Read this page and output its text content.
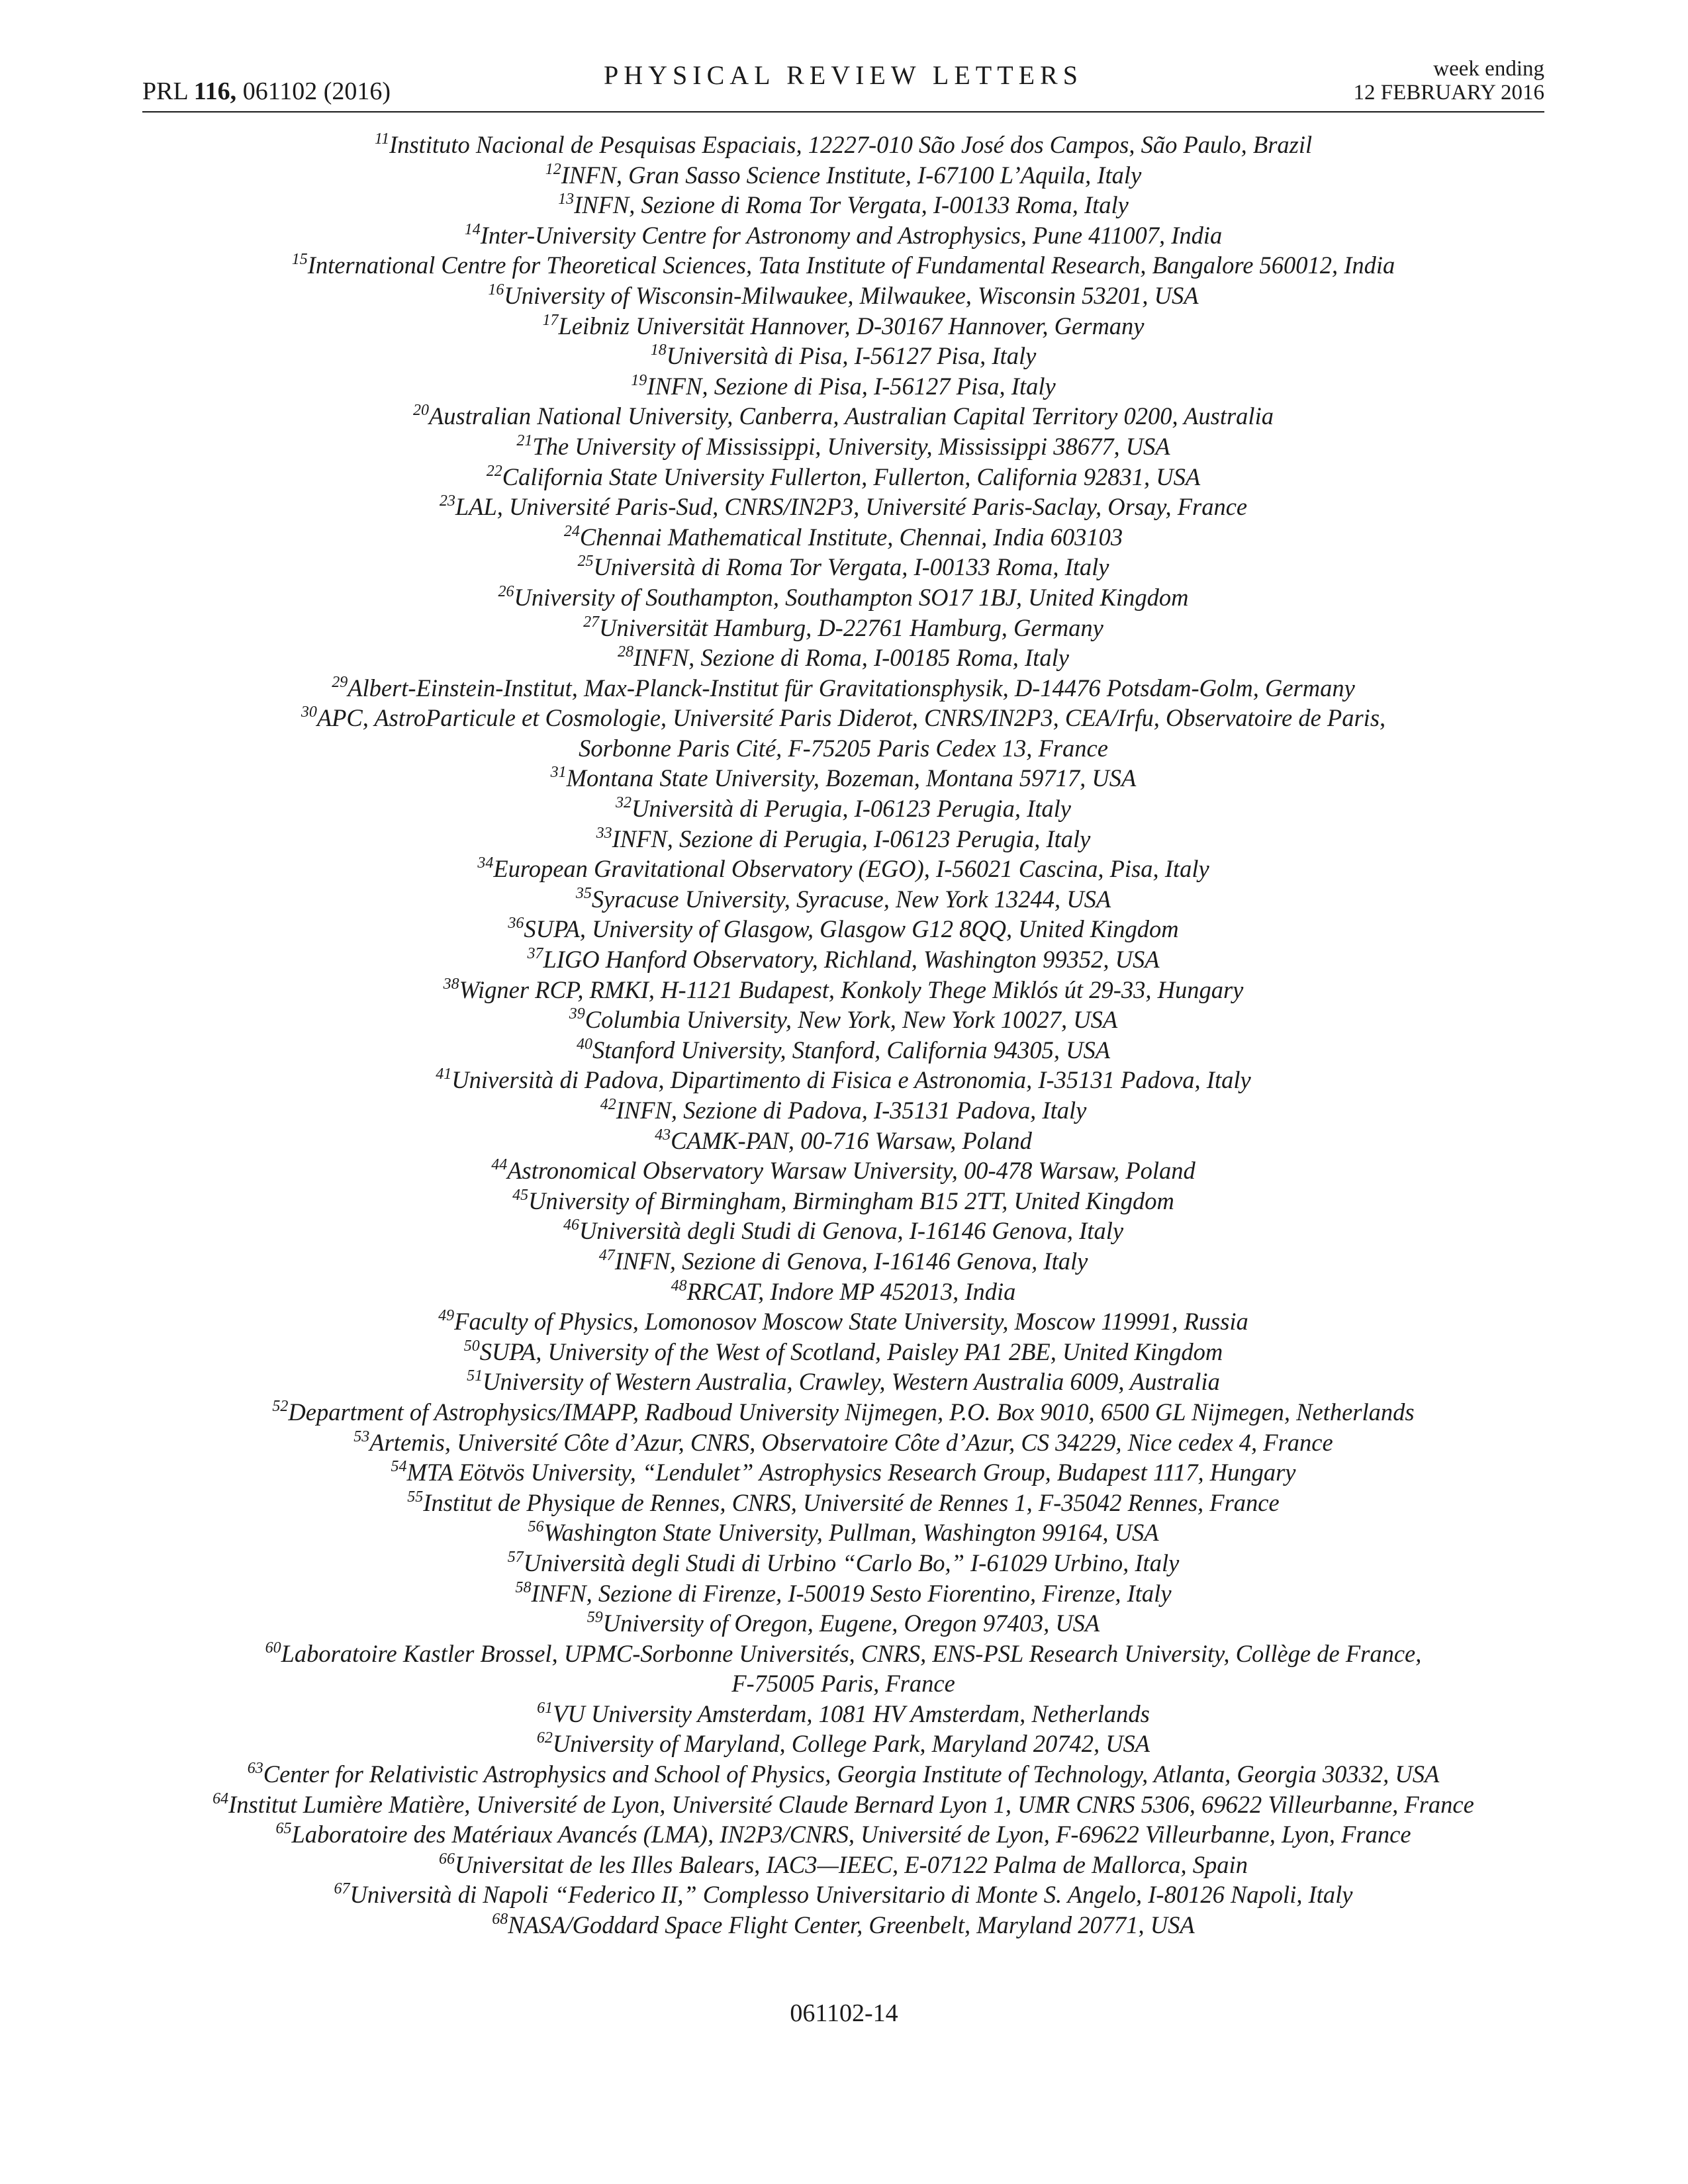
PRL 116, 061102 (2016)
PHYSICAL REVIEW LETTERS	week ending
12 FEBRUARY 2016
$^{11}$Instituto Nacional de Pesquisas Espaciais, 12227-010 São José dos Campos, São Paulo, Brazil
$^{12}$INFN, Gran Sasso Science Institute, I-67100 L’Aquila, Italy
$^{13}$INFN, Sezione di Roma Tor Vergata, I-00133 Roma, Italy
$^{14}$Inter-University Centre for Astronomy and Astrophysics, Pune 411007, India
$^{15}$International Centre for Theoretical Sciences, Tata Institute of Fundamental Research, Bangalore 560012, India
$^{16}$University of Wisconsin-Milwaukee, Milwaukee, Wisconsin 53201, USA
$^{17}$Leibniz Universität Hannover, D-30167 Hannover, Germany
$^{18}$Università di Pisa, I-56127 Pisa, Italy
$^{19}$INFN, Sezione di Pisa, I-56127 Pisa, Italy
$^{20}$Australian National University, Canberra, Australian Capital Territory 0200, Australia
$^{21}$The University of Mississippi, University, Mississippi 38677, USA
$^{22}$California State University Fullerton, Fullerton, California 92831, USA
$^{23}$LAL, Université Paris-Sud, CNRS/IN2P3, Université Paris-Saclay, Orsay, France
$^{24}$Chennai Mathematical Institute, Chennai, India 603103
$^{25}$Università di Roma Tor Vergata, I-00133 Roma, Italy
$^{26}$University of Southampton, Southampton SO17 1BJ, United Kingdom
$^{27}$Universität Hamburg, D-22761 Hamburg, Germany
$^{28}$INFN, Sezione di Roma, I-00185 Roma, Italy
$^{29}$Albert-Einstein-Institut, Max-Planck-Institut für Gravitationsphysik, D-14476 Potsdam-Golm, Germany
$^{30}$APC, AstroParticule et Cosmologie, Université Paris Diderot, CNRS/IN2P3, CEA/Irfu, Observatoire de Paris,
Sorbonne Paris Cité, F-75205 Paris Cedex 13, France
$^{31}$Montana State University, Bozeman, Montana 59717, USA
$^{32}$Università di Perugia, I-06123 Perugia, Italy
$^{33}$INFN, Sezione di Perugia, I-06123 Perugia, Italy
$^{34}$European Gravitational Observatory (EGO), I-56021 Cascina, Pisa, Italy
$^{35}$Syracuse University, Syracuse, New York 13244, USA
$^{36}$SUPA, University of Glasgow, Glasgow G12 8QQ, United Kingdom
$^{37}$LIGO Hanford Observatory, Richland, Washington 99352, USA
$^{38}$Wigner RCP, RMKI, H-1121 Budapest, Konkoly Thege Miklós út 29-33, Hungary
$^{39}$Columbia University, New York, New York 10027, USA
$^{40}$Stanford University, Stanford, California 94305, USA
$^{41}$Università di Padova, Dipartimento di Fisica e Astronomia, I-35131 Padova, Italy
$^{42}$INFN, Sezione di Padova, I-35131 Padova, Italy
$^{43}$CAMK-PAN, 00-716 Warsaw, Poland
$^{44}$Astronomical Observatory Warsaw University, 00-478 Warsaw, Poland
$^{45}$University of Birmingham, Birmingham B15 2TT, United Kingdom
$^{46}$Università degli Studi di Genova, I-16146 Genova, Italy
$^{47}$INFN, Sezione di Genova, I-16146 Genova, Italy
$^{48}$RRCAT, Indore MP 452013, India
$^{49}$Faculty of Physics, Lomonosov Moscow State University, Moscow 119991, Russia
$^{50}$SUPA, University of the West of Scotland, Paisley PA1 2BE, United Kingdom
$^{51}$University of Western Australia, Crawley, Western Australia 6009, Australia
$^{52}$Department of Astrophysics/IMAPP, Radboud University Nijmegen, P.O. Box 9010, 6500 GL Nijmegen, Netherlands
$^{53}$Artemis, Université Côte d’Azur, CNRS, Observatoire Côte d’Azur, CS 34229, Nice cedex 4, France
$^{54}$MTA Eötvös University, “Lendulet” Astrophysics Research Group, Budapest 1117, Hungary
$^{55}$Institut de Physique de Rennes, CNRS, Université de Rennes 1, F-35042 Rennes, France
$^{56}$Washington State University, Pullman, Washington 99164, USA
$^{57}$Università degli Studi di Urbino “Carlo Bo,” I-61029 Urbino, Italy
$^{58}$INFN, Sezione di Firenze, I-50019 Sesto Fiorentino, Firenze, Italy
$^{59}$University of Oregon, Eugene, Oregon 97403, USA
$^{60}$Laboratoire Kastler Brossel, UPMC-Sorbonne Universités, CNRS, ENS-PSL Research University, Collège de France,
F-75005 Paris, France
$^{61}$VU University Amsterdam, 1081 HV Amsterdam, Netherlands
$^{62}$University of Maryland, College Park, Maryland 20742, USA
$^{63}$Center for Relativistic Astrophysics and School of Physics, Georgia Institute of Technology, Atlanta, Georgia 30332, USA
$^{64}$Institut Lumière Matière, Université de Lyon, Université Claude Bernard Lyon 1, UMR CNRS 5306, 69622 Villeurbanne, France
$^{65}$Laboratoire des Matériaux Avancés (LMA), IN2P3/CNRS, Université de Lyon, F-69622 Villeurbanne, Lyon, France
$^{66}$Universitat de les Illes Balears, IAC3—IEEC, E-07122 Palma de Mallorca, Spain
$^{67}$Università di Napoli “Federico II,” Complesso Universitario di Monte S. Angelo, I-80126 Napoli, Italy
$^{68}$NASA/Goddard Space Flight Center, Greenbelt, Maryland 20771, USA
061102-14
